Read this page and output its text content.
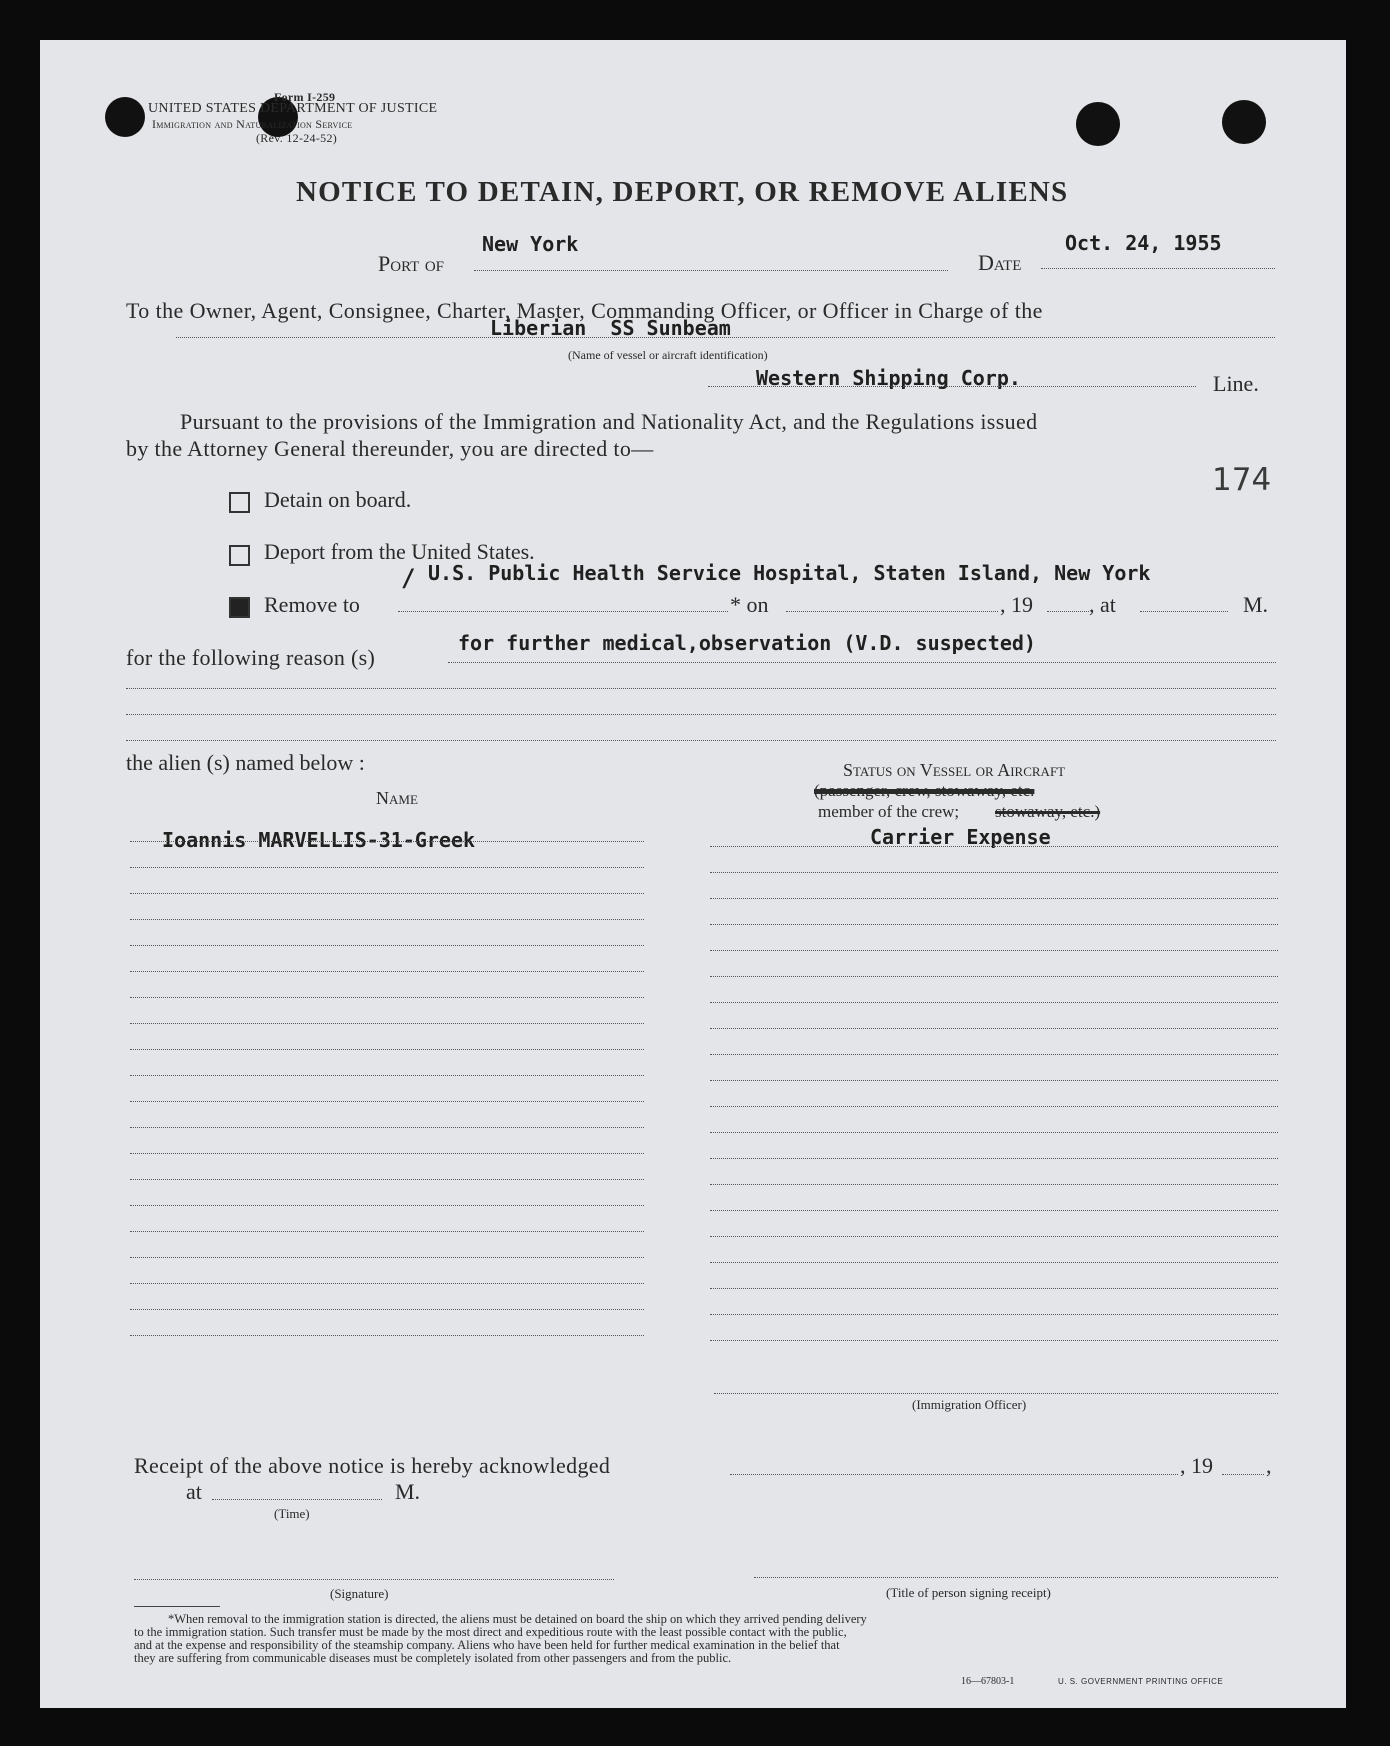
Form I-259
UNITED STATES DEPARTMENT OF JUSTICE
Immigration and Naturalization Service
(Rev. 12-24-52)
NOTICE TO DETAIN, DEPORT, OR REMOVE ALIENS
Port of
New York
Date
Oct. 24, 1955
To the Owner, Agent, Consignee, Charter, Master, Commanding Officer, or Officer in Charge of the
Liberian  SS Sunbeam
(Name of vessel or aircraft identification)
Western Shipping Corp.	Line.
Pursuant to the provisions of the Immigration and Nationality Act, and the Regulations issued
by the Attorney General thereunder, you are directed to—
174
Detain on board.
Deport from the United States.
Remove to
/ U.S. Public Health Service Hospital, Staten Island, New York
* on	, 19	, at	M.
for the following reason (s)
for further medical,observation (V.D. suspected)
the alien (s) named below :
Name
Status on Vessel or Aircraft
(passenger, crew, stowaway, etc.
member of the crew; stowaway, etc.)
Ioannis MARVELLIS-31-Greek	Carrier Expense
(Immigration Officer)
Receipt of the above notice is hereby acknowledged	, 19 ,
at	M.
(Time)
(Signature)	(Title of person signing receipt)
*When removal to the immigration station is directed, the aliens must be detained on board the ship on which they arrived pending delivery
to the immigration station. Such transfer must be made by the most direct and expeditious route with the least possible contact with the public,
and at the expense and responsibility of the steamship company. Aliens who have been held for further medical examination in the belief that
they are suffering from communicable diseases must be completely isolated from other passengers and from the public.
16—67803-1	U. S. GOVERNMENT PRINTING OFFICE
